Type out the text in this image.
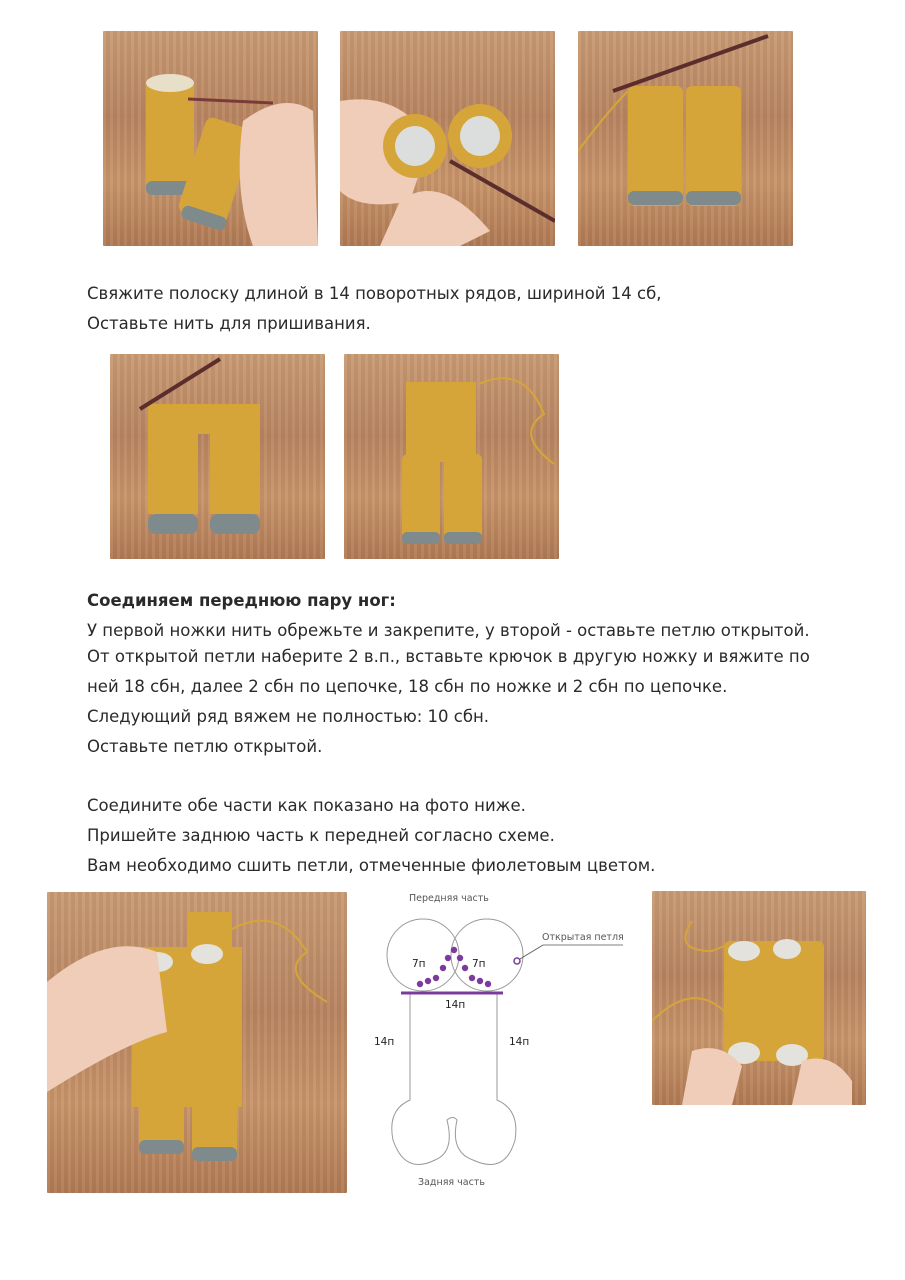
Свяжите полоску длиной в 14 поворотных рядов, шириной 14 сб,
Оставьте нить для пришивания.
Соединяем переднюю пару ног:
У первой ножки нить обрежьте и закрепите, у второй - оставьте петлю открытой.
От открытой петли наберите 2 в.п., вставьте крючок в другую ножку и вяжите по
ней 18 сбн, далее 2 сбн по цепочке, 18 сбн по ножке и 2 сбн по цепочке.
Следующий ряд вяжем не полностью: 10 сбн.
Оставьте петлю открытой.
Соедините обе части как показано на фото ниже.
Пришейте заднюю часть к передней согласно схеме.
Вам необходимо сшить петли, отмеченные фиолетовым цветом.
Передняя часть
Открытая петля
7п	7п
14п
14п	14п
Задняя часть
